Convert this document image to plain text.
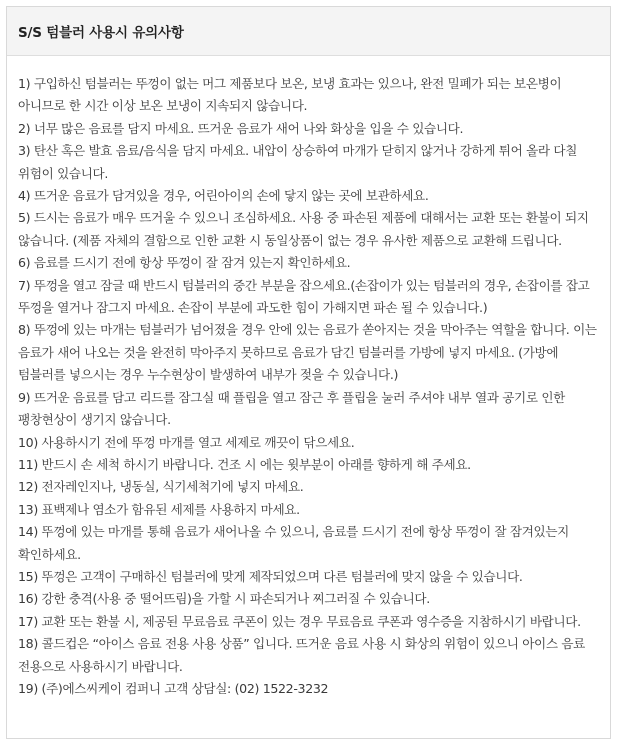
S/S 텀블러 사용시 유의사항
1) 구입하신 텀블러는 뚜껑이 없는 머그 제품보다 보온, 보냉 효과는 있으나, 완전 밀폐가 되는 보온병이 아니므로 한 시간 이상 보온 보냉이 지속되지 않습니다.
2) 너무 많은 음료를 담지 마세요. 뜨거운 음료가 새어 나와 화상을 입을 수 있습니다.
3) 탄산 혹은 발효 음료/음식을 담지 마세요. 내압이 상승하여 마개가 닫히지 않거나 강하게 튀어 올라 다칠 위험이 있습니다.
4) 뜨거운 음료가 담겨있을 경우, 어린아이의 손에 닿지 않는 곳에 보관하세요.
5) 드시는 음료가 매우 뜨거울 수 있으니 조심하세요. 사용 중 파손된 제품에 대해서는 교환 또는 환불이 되지 않습니다. (제품 자체의 결함으로 인한 교환 시 동일상품이 없는 경우 유사한 제품으로 교환해 드립니다.
6) 음료를 드시기 전에 항상 뚜껑이 잘 잠겨 있는지 확인하세요.
7) 뚜껑을 열고 잠글 때 반드시 텀블러의 중간 부분을 잡으세요.(손잡이가 있는 텀블러의 경우, 손잡이를 잡고 뚜껑을 열거나 잠그지 마세요. 손잡이 부분에 과도한 힘이 가해지면 파손 될 수 있습니다.)
8) 뚜껑에 있는 마개는 텀블러가 넘어졌을 경우 안에 있는 음료가 쏟아지는 것을 막아주는 역할을 합니다. 이는 음료가 새어 나오는 것을 완전히 막아주지 못하므로 음료가 담긴 텀블러를 가방에 넣지 마세요. (가방에 텀블러를 넣으시는 경우 누수현상이 발생하여 내부가 젖을 수 있습니다.)
9) 뜨거운 음료를 담고 리드를 잠그실 때 플립을 열고 잠근 후 플립을 눌러 주셔야 내부 열과 공기로 인한 팽창현상이 생기지 않습니다.
10) 사용하시기 전에 뚜껑 마개를 열고 세제로 깨끗이 닦으세요.
11) 반드시 손 세척 하시기 바랍니다. 건조 시 에는 윗부분이 아래를 향하게 해 주세요.
12) 전자레인지나, 냉동실, 식기세척기에 넣지 마세요.
13) 표백제나 염소가 함유된 세제를 사용하지 마세요.
14) 뚜껑에 있는 마개를 통해 음료가 새어나올 수 있으니, 음료를 드시기 전에 항상 뚜껑이 잘 잠겨있는지 확인하세요.
15) 뚜껑은 고객이 구매하신 텀블러에 맞게 제작되었으며 다른 텀블러에 맞지 않을 수 있습니다.
16) 강한 충격(사용 중 떨어뜨림)을 가할 시 파손되거나 찌그러질 수 있습니다.
17) 교환 또는 환불 시, 제공된 무료음료 쿠폰이 있는 경우 무료음료 쿠폰과 영수증을 지참하시기 바랍니다.
18) 콜드컵은 “아이스 음료 전용 사용 상품” 입니다. 뜨거운 음료 사용 시 화상의 위험이 있으니 아이스 음료 전용으로 사용하시기 바랍니다.
19) (주)에스씨케이 컴퍼니 고객 상담실: (02) 1522-3232
